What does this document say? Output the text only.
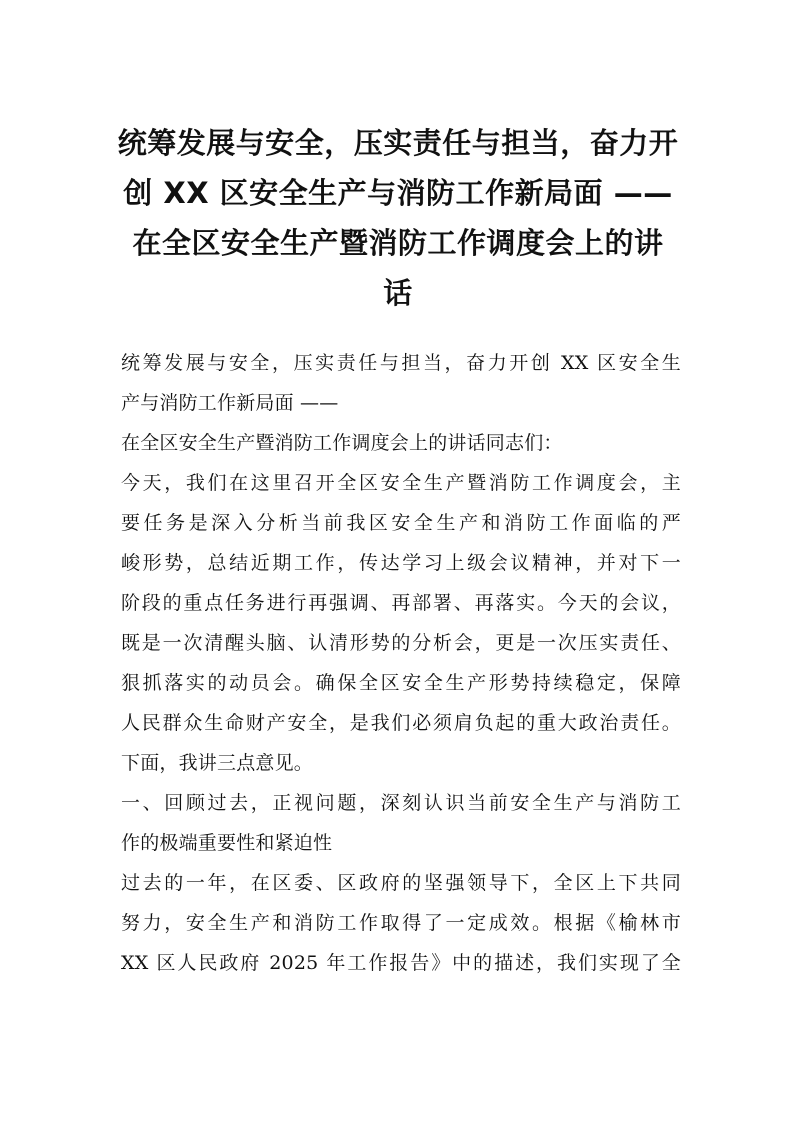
统筹发展与安全，压实责任与担当，奋力开
创 XX 区安全生产与消防工作新局面 ——
在全区安全生产暨消防工作调度会上的讲
话
统筹发展与安全，压实责任与担当，奋力开创 XX 区安全生
产与消防工作新局面 ——
在全区安全生产暨消防工作调度会上的讲话同志们：
今天，我们在这里召开全区安全生产暨消防工作调度会，主
要任务是深入分析当前我区安全生产和消防工作面临的严
峻形势，总结近期工作，传达学习上级会议精神，并对下一
阶段的重点任务进行再强调、再部署、再落实。今天的会议，
既是一次清醒头脑、认清形势的分析会，更是一次压实责任、
狠抓落实的动员会。确保全区安全生产形势持续稳定，保障
人民群众生命财产安全，是我们必须肩负起的重大政治责任。
下面，我讲三点意见。
一、回顾过去，正视问题，深刻认识当前安全生产与消防工
作的极端重要性和紧迫性
过去的一年，在区委、区政府的坚强领导下，全区上下共同
努力，安全生产和消防工作取得了一定成效。根据《榆林市
XX 区人民政府 2025 年工作报告》中的描述，我们实现了全
